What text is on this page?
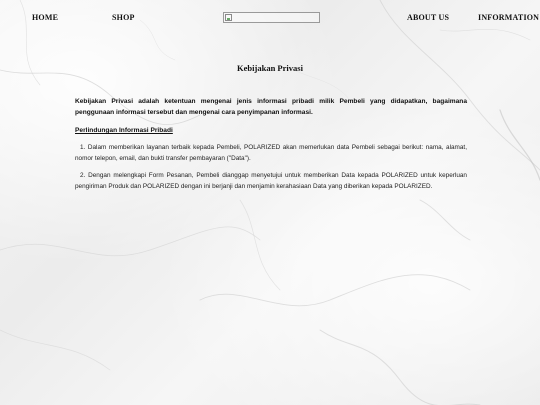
HOME	SHOP	ABOUT US	INFORMATION
Kebijakan Privasi

Kebijakan Privasi adalah ketentuan mengenai jenis informasi pribadi milik Pembeli yang didapatkan, bagaimana penggunaan informasi tersebut dan mengenai cara penyimpanan informasi.

Perlindungan Informasi Pribadi

1. Dalam memberikan layanan terbaik kepada Pembeli, POLARIZED akan memerlukan data Pembeli sebagai berikut: nama, alamat, nomor telepon, email, dan bukti transfer pembayaran ("Data").

2. Dengan melengkapi Form Pesanan, Pembeli dianggap menyetujui untuk memberikan Data kepada POLARIZED untuk keperluan pengiriman Produk dan POLARIZED dengan ini berjanji dan menjamin kerahasiaan Data yang diberikan kepada POLARIZED.
